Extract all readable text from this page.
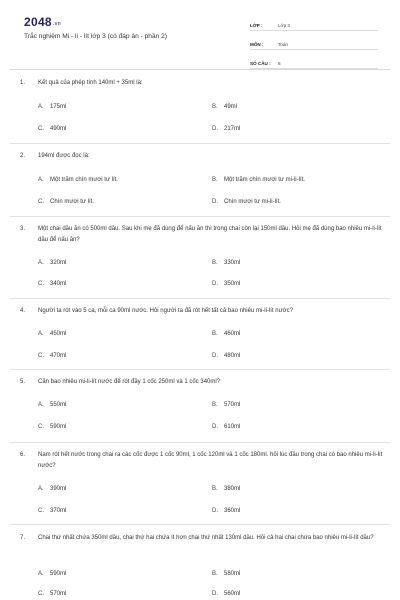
2048.vn
Trắc nghiệm Mi - li - lít lớp 3 (có đáp án - phần 2)
LỚP :	Lớp 3
MÔN :	Toán
SỐ CÂU :	8
1. Kết quả của phép tính 140ml + 35ml là:
A. 175ml	B. 49ml
C. 490ml	D. 217ml
2. 194ml được đọc là:
A. Một trăm chín mươi tư lít.	B. Một trăm chín mươi tư mi-li-lít.
C. Chín mươi tư lít.	D. Chín mươi tư mi-li-lít.
3. Một chai dầu ăn có 500ml dầu. Sau khi mẹ đã dùng để nấu ăn thì trong chai còn lại 150ml dầu. Hỏi mẹ đã dùng bao nhiêu mi-li-lít dầu để nấu ăn?
A. 320ml	B. 330ml
C. 340ml	D. 350ml
4. Người ta rót vào 5 ca, mỗi ca 90ml nước. Hỏi người ta đã rót hết tất cả bao nhiêu mi-li-lít nước?
A. 450ml	B. 460ml
C. 470ml	D. 480ml
5. Cần bao nhiêu mi-li-lít nước để rót đầy 1 cốc 250ml và 1 cốc 340ml?
A. 550ml	B. 570ml
C. 590ml	D. 610ml
6. Nam rót hết nước trong chai ra các cốc được 1 cốc 90ml, 1 cốc 120ml và 1 cốc 180ml. hỏi lúc đầu trong chai có bao nhiêu mi-li-lít nước?
A. 390ml	B. 380ml
C. 370ml	D. 360ml
7. Chai thứ nhất chứa 350ml dầu, chai thứ hai chứa ít hơn chai thứ nhất 130ml dầu. Hỏi cả hai chai chứa bao nhiêu mi-li-lít dầu?
A. 590ml	B. 580ml
C. 570ml	D. 560ml
